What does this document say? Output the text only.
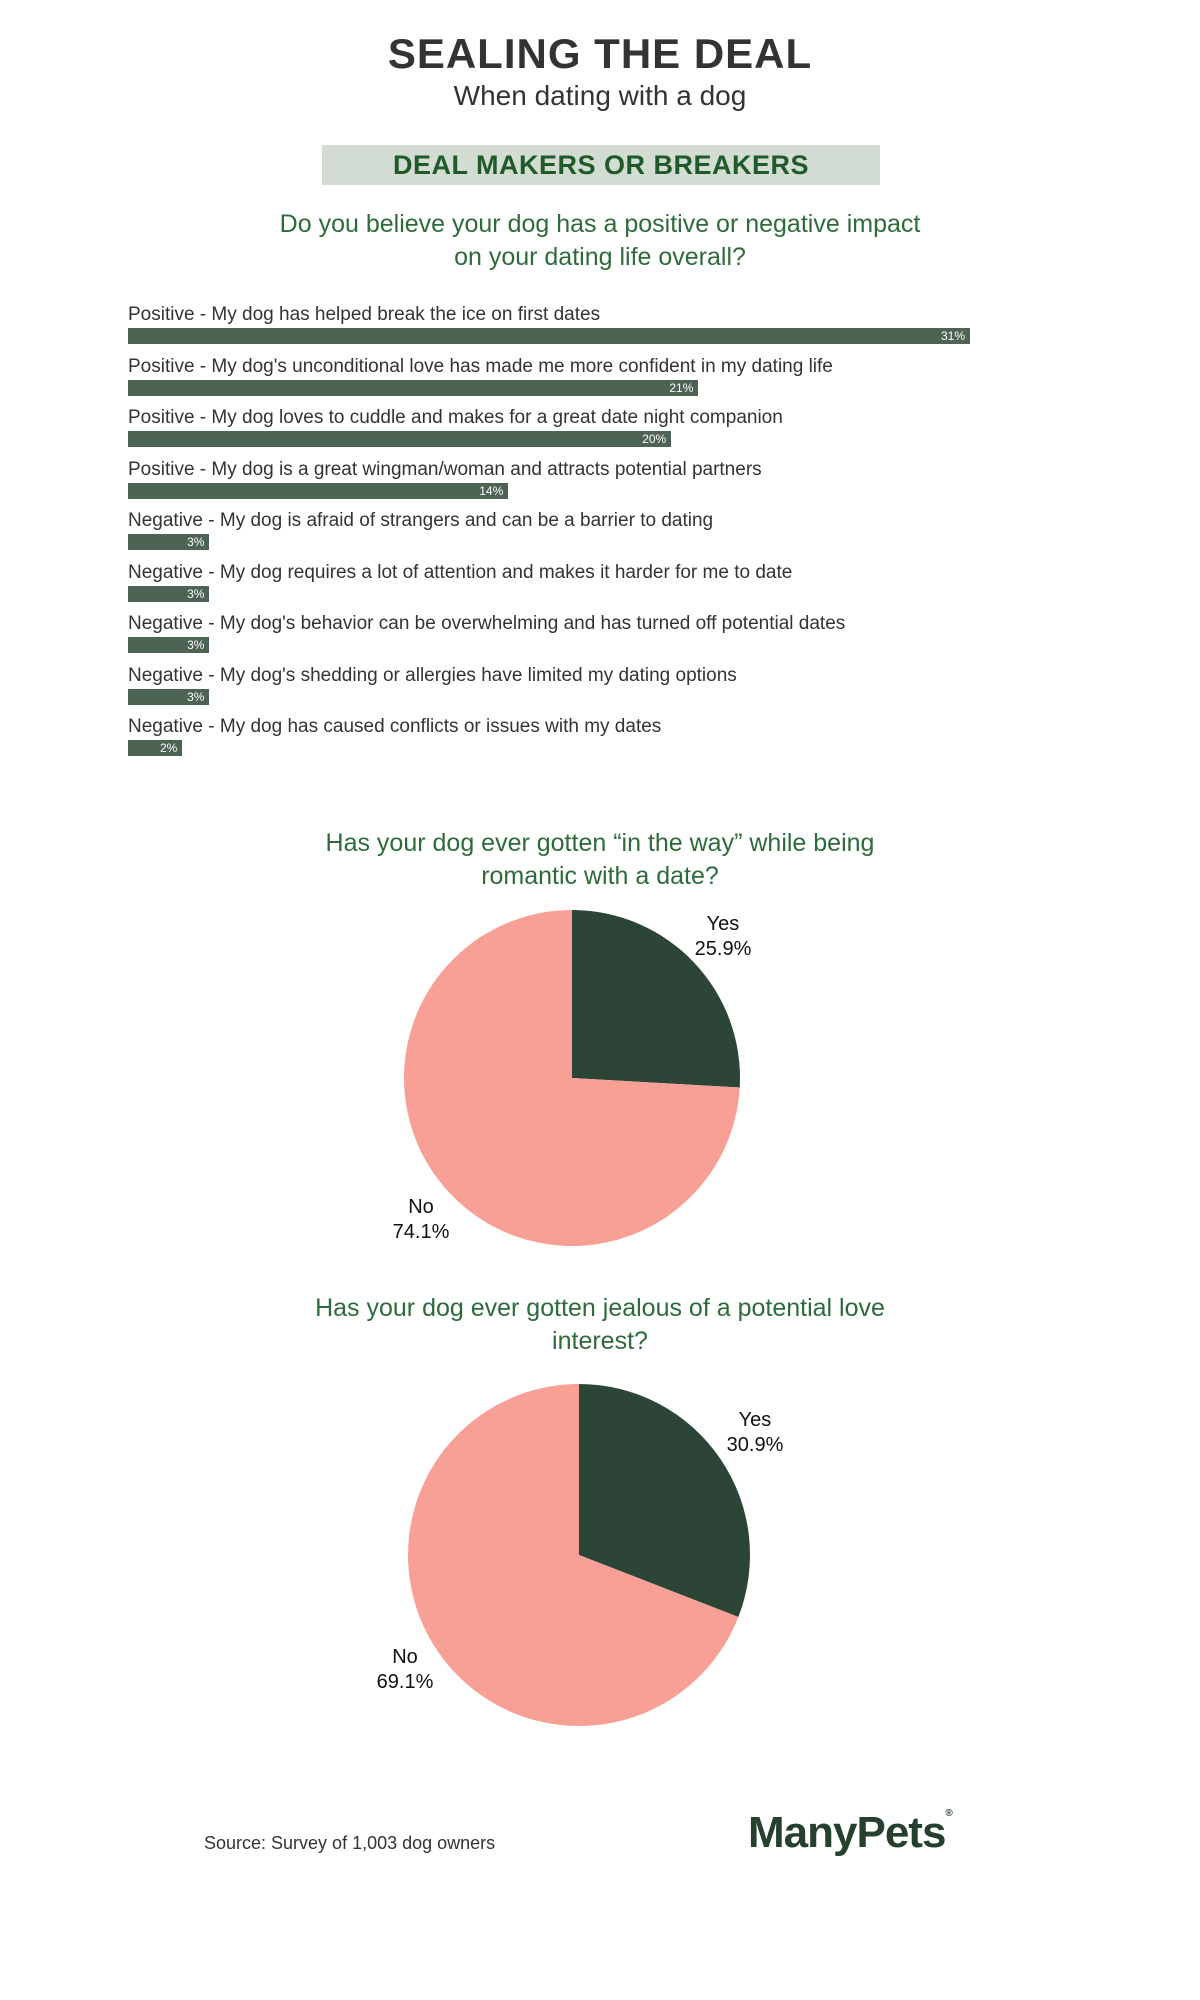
SEALING THE DEAL
When dating with a dog
DEAL MAKERS OR BREAKERS
Do you believe your dog has a positive or negative impact
on your dating life overall?
Positive - My dog has helped break the ice on first dates
31%
Positive - My dog's unconditional love has made me more confident in my dating life
21%
Positive - My dog loves to cuddle and makes for a great date night companion
20%
Positive - My dog is a great wingman/woman and attracts potential partners
14%
Negative - My dog is afraid of strangers and can be a barrier to dating
3%
Negative - My dog requires a lot of attention and makes it harder for me to date
3%
Negative - My dog's behavior can be overwhelming and has turned off potential dates
3%
Negative - My dog's shedding or allergies have limited my dating options
3%
Negative - My dog has caused conflicts or issues with my dates
2%
Has your dog ever gotten “in the way” while being
romantic with a date?
Yes
25.9%
No
74.1%
Has your dog ever gotten jealous of a potential love
interest?
Yes
30.9%
No
69.1%
Source: Survey of 1,003 dog owners	ManyPets®
